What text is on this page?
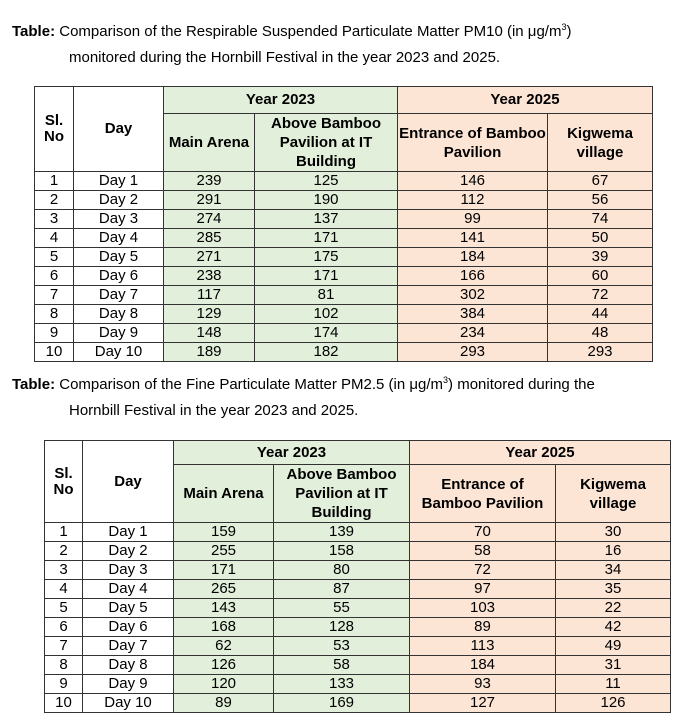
Table: Comparison of the Respirable Suspended Particulate Matter PM10 (in $\mu g/m^3$)
monitored during the Hornbill Festival in the year 2023 and 2025.
Sl. No	Day	Year 2023		Year 2025	
		Main Arena	Above Bamboo Pavilion at IT Building	Entrance of Bamboo Pavilion	Kigwema village
1	Day 1	239	125	146	67
2	Day 2	291	190	112	56
3	Day 3	274	137	99	74
4	Day 4	285	171	141	50
5	Day 5	271	175	184	39
6	Day 6	238	171	166	60
7	Day 7	117	81	302	72
8	Day 8	129	102	384	44
9	Day 9	148	174	234	48
10	Day 10	189	182	293	293
Table: Comparison of the Fine Particulate Matter PM2.5 (in $\mu g/m^3$) monitored during the
Hornbill Festival in the year 2023 and 2025.
Sl. No	Day	Year 2023		Year 2025	
		Main Arena	Above Bamboo Pavilion at IT Building	Entrance of Bamboo Pavilion	Kigwema village
1	Day 1	159	139	70	30
2	Day 2	255	158	58	16
3	Day 3	171	80	72	34
4	Day 4	265	87	97	35
5	Day 5	143	55	103	22
6	Day 6	168	128	89	42
7	Day 7	62	53	113	49
8	Day 8	126	58	184	31
9	Day 9	120	133	93	11
10	Day 10	89	169	127	126
